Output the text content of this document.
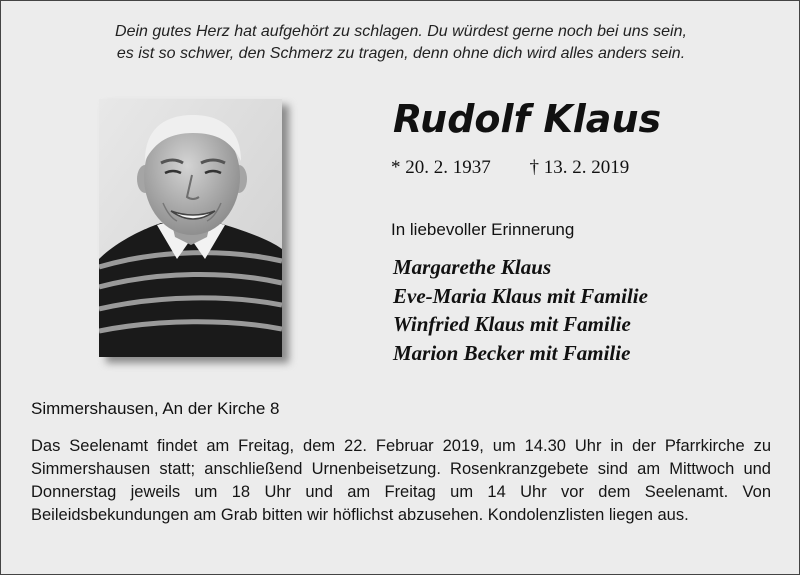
Dein gutes Herz hat aufgehört zu schlagen. Du würdest gerne noch bei uns sein,
es ist so schwer, den Schmerz zu tragen, denn ohne dich wird alles anders sein.
Rudolf Klaus
* 20. 2. 1937 † 13. 2. 2019
In liebevoller Erinnerung
Margarethe Klaus
Eve-Maria Klaus mit Familie
Winfried Klaus mit Familie
Marion Becker mit Familie
Simmershausen, An der Kirche 8
Das Seelenamt findet am Freitag, dem 22. Februar 2019, um 14.30 Uhr in der Pfarrkirche zu Simmershausen statt; anschließend Urnenbeisetzung. Rosenkranzgebete sind am Mittwoch und Donnerstag jeweils um 18 Uhr und am Freitag um 14 Uhr vor dem Seelenamt. Von Beileidsbekundungen am Grab bitten wir höflichst abzusehen. Kondolenzlisten liegen aus.
